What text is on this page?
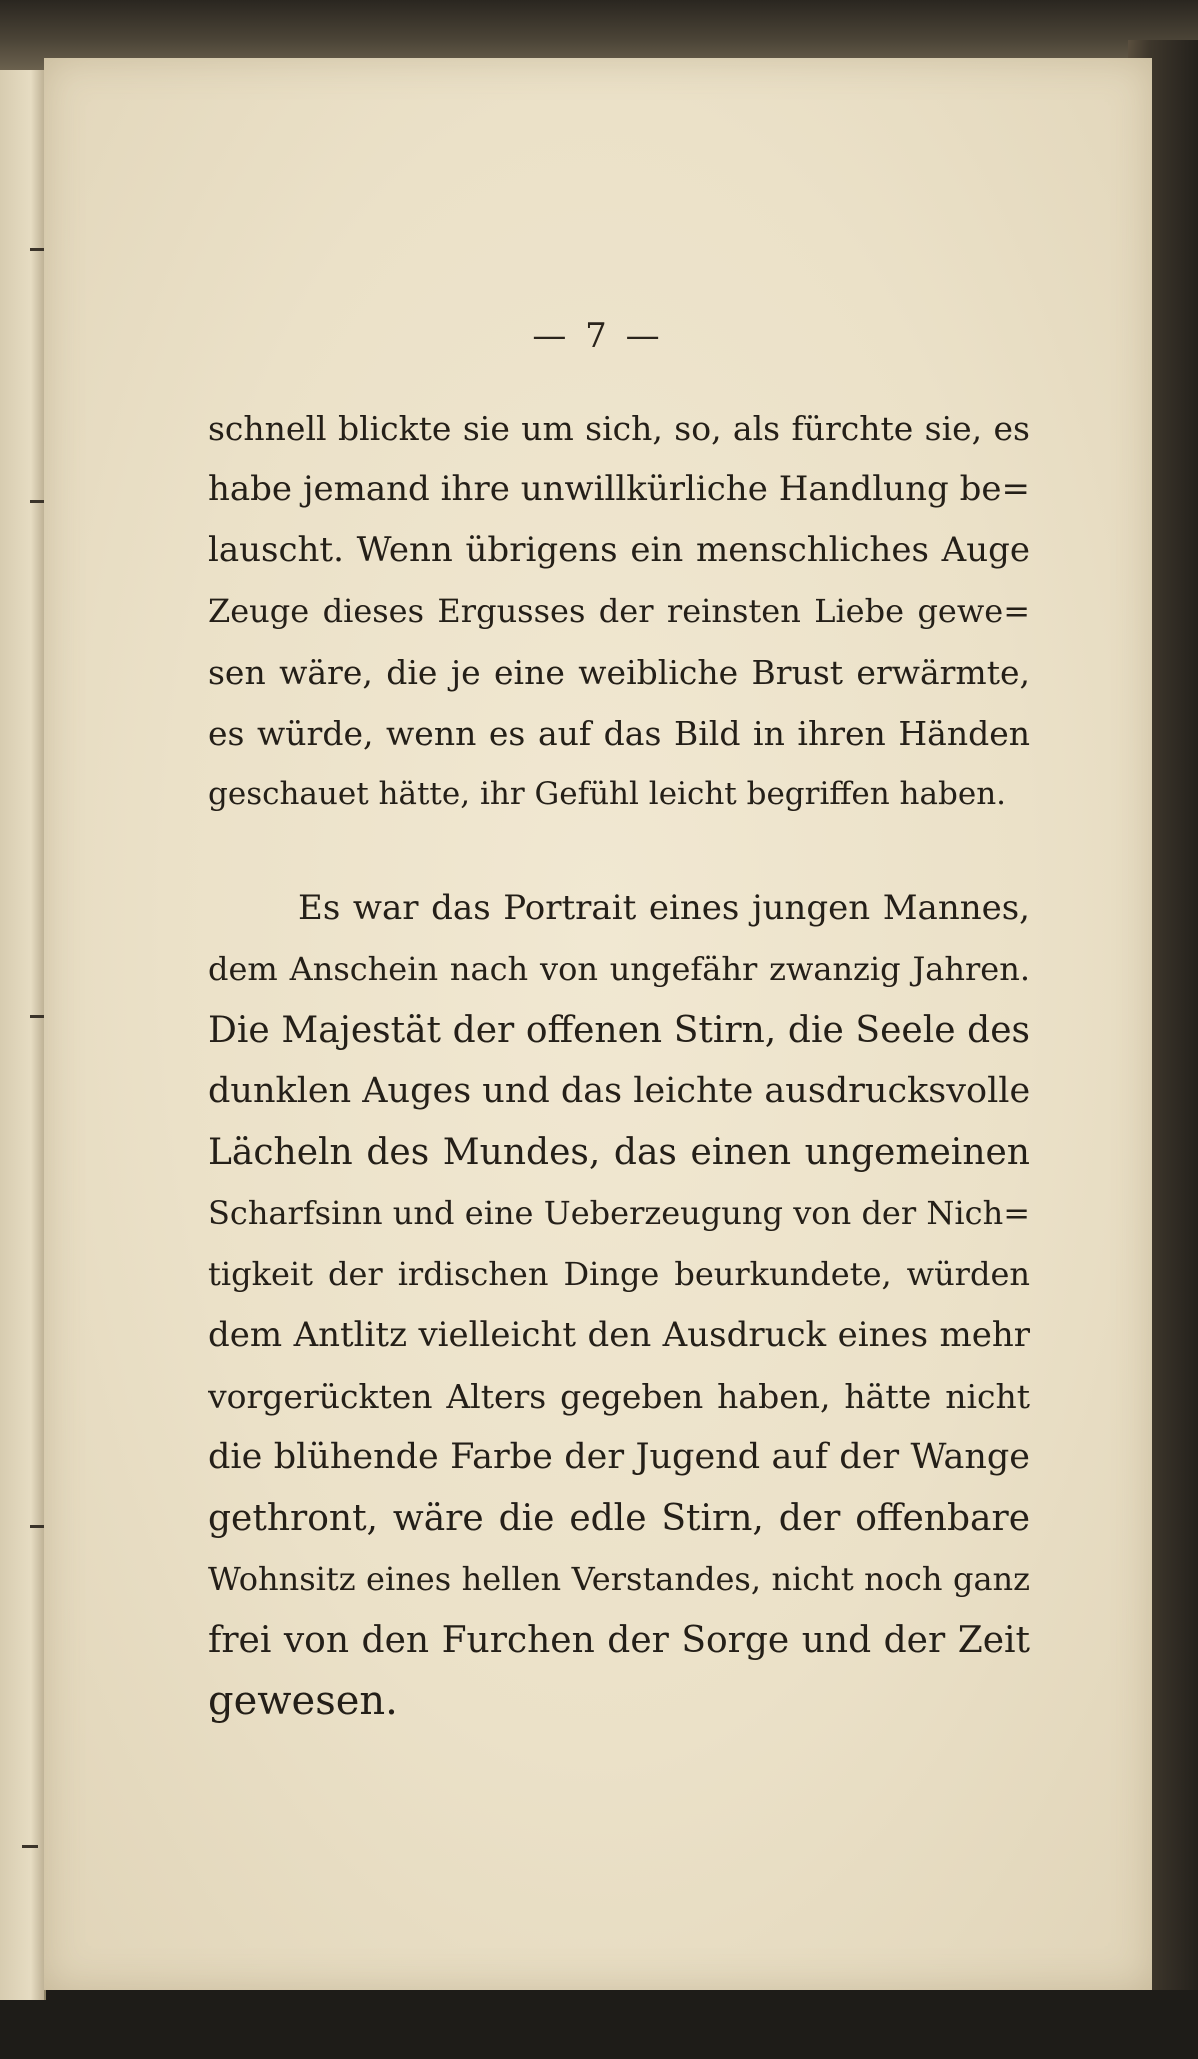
— 7 —
schnell blickte sie um sich, so, als fürchte sie, es
habe jemand ihre unwillkürliche Handlung be=
lauscht. Wenn übrigens ein menschliches Auge
Zeuge dieses Ergusses der reinsten Liebe gewe=
sen wäre, die je eine weibliche Brust erwärmte,
es würde, wenn es auf das Bild in ihren Händen
geschauet hätte, ihr Gefühl leicht begriffen haben.
Es war das Portrait eines jungen Mannes,
dem Anschein nach von ungefähr zwanzig Jahren.
Die Majestät der offenen Stirn, die Seele des
dunklen Auges und das leichte ausdrucksvolle
Lächeln des Mundes, das einen ungemeinen
Scharfsinn und eine Ueberzeugung von der Nich=
tigkeit der irdischen Dinge beurkundete, würden
dem Antlitz vielleicht den Ausdruck eines mehr
vorgerückten Alters gegeben haben, hätte nicht
die blühende Farbe der Jugend auf der Wange
gethront, wäre die edle Stirn, der offenbare
Wohnsitz eines hellen Verstandes, nicht noch ganz
frei von den Furchen der Sorge und der Zeit
gewesen.
